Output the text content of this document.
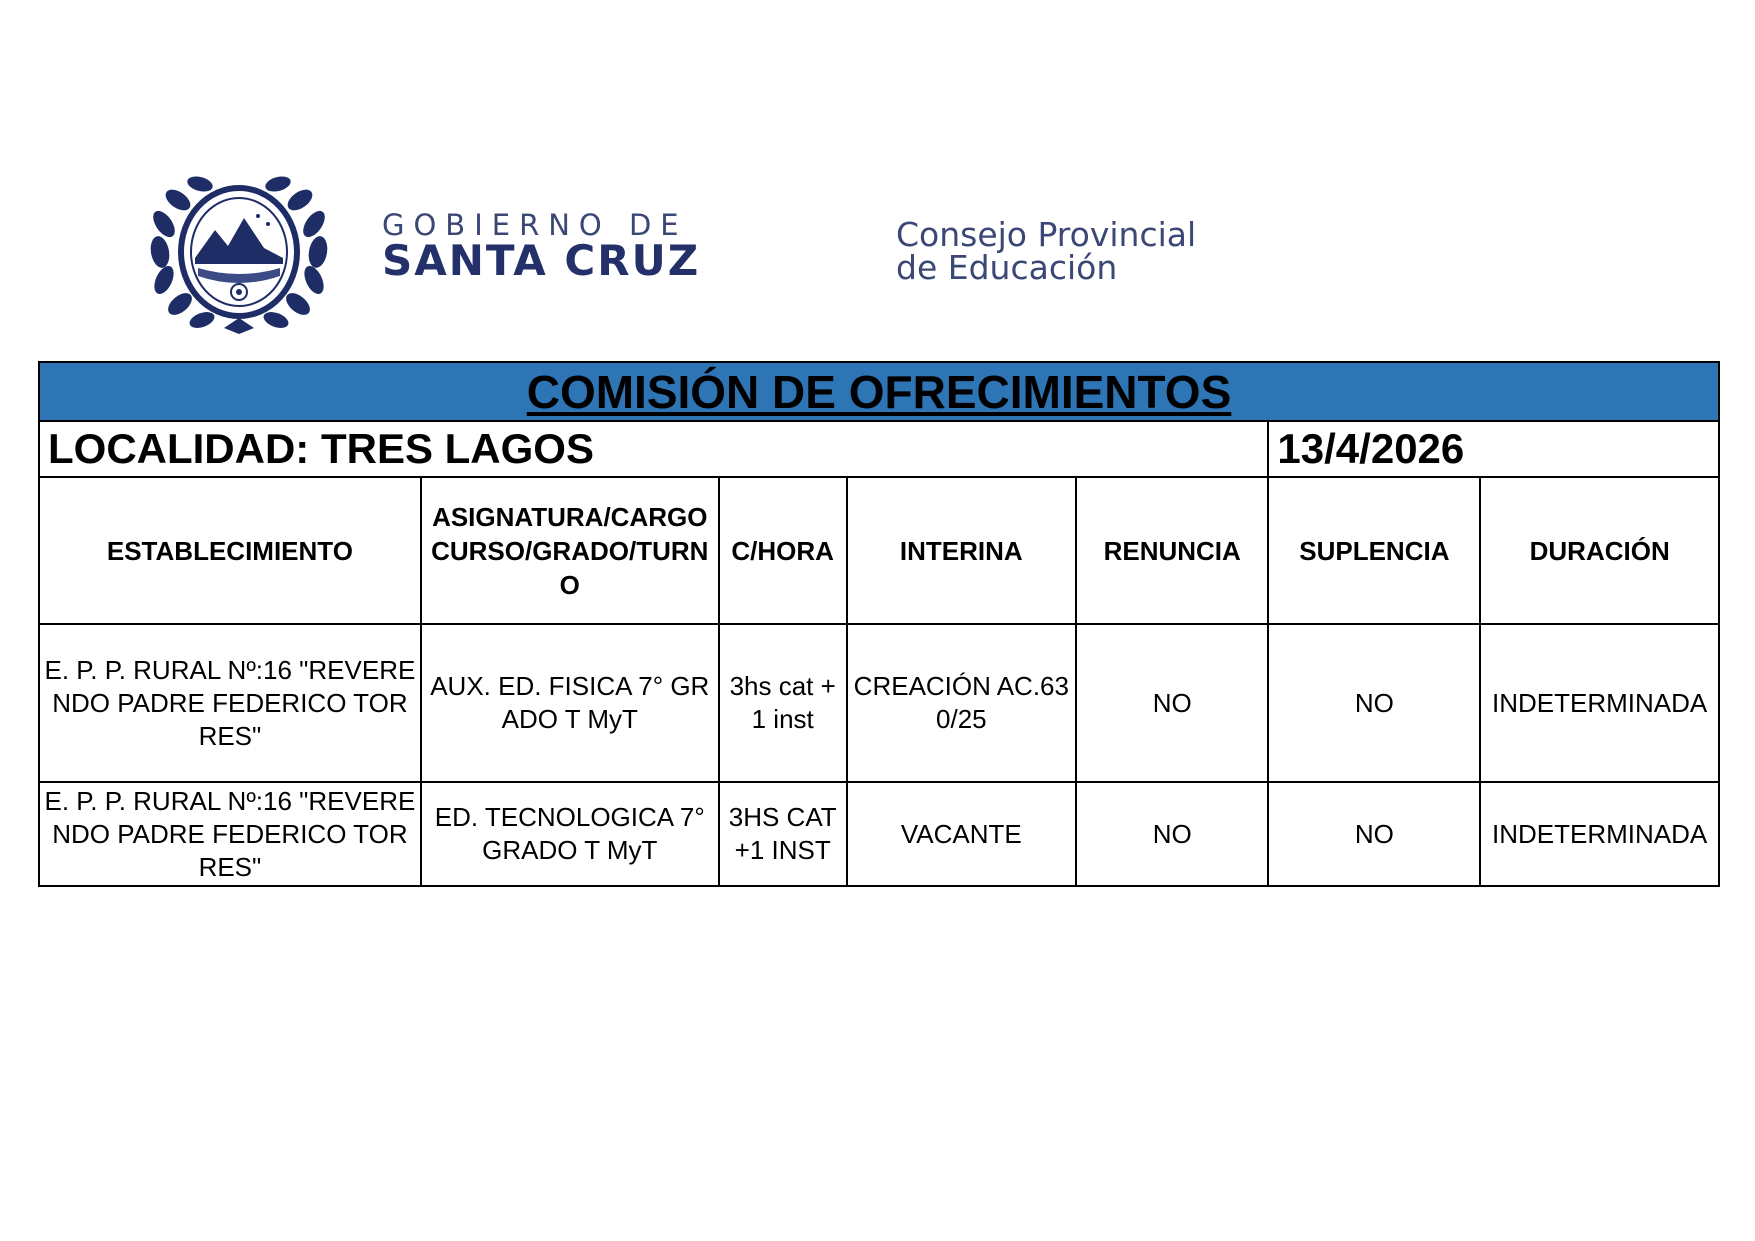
GOBIERNO DE
SANTA CRUZ
Consejo Provincial
de Educación
COMISIÓN DE OFRECIMIENTOS						
LOCALIDAD: TRES LAGOS					13/4/2026	
ESTABLECIMIENTO	ASIGNATURA/CARGO CURSO/GRADO/TURNO	C/HORA	INTERINA	RENUNCIA	SUPLENCIA	DURACIÓN

E. P. P. RURAL Nº:16 "REVERENDO PADRE FEDERICO TORRES"	AUX. ED. FISICA 7° GRADO T MyT	3hs cat + 1 inst	CREACIÓN AC.630/25	NO	NO	INDETERMINADA

E. P. P. RURAL Nº:16 "REVERENDO PADRE FEDERICO TORRES"	ED. TECNOLOGICA 7° GRADO T MyT	3HS CAT +1 INST	VACANTE	NO	NO	INDETERMINADA
